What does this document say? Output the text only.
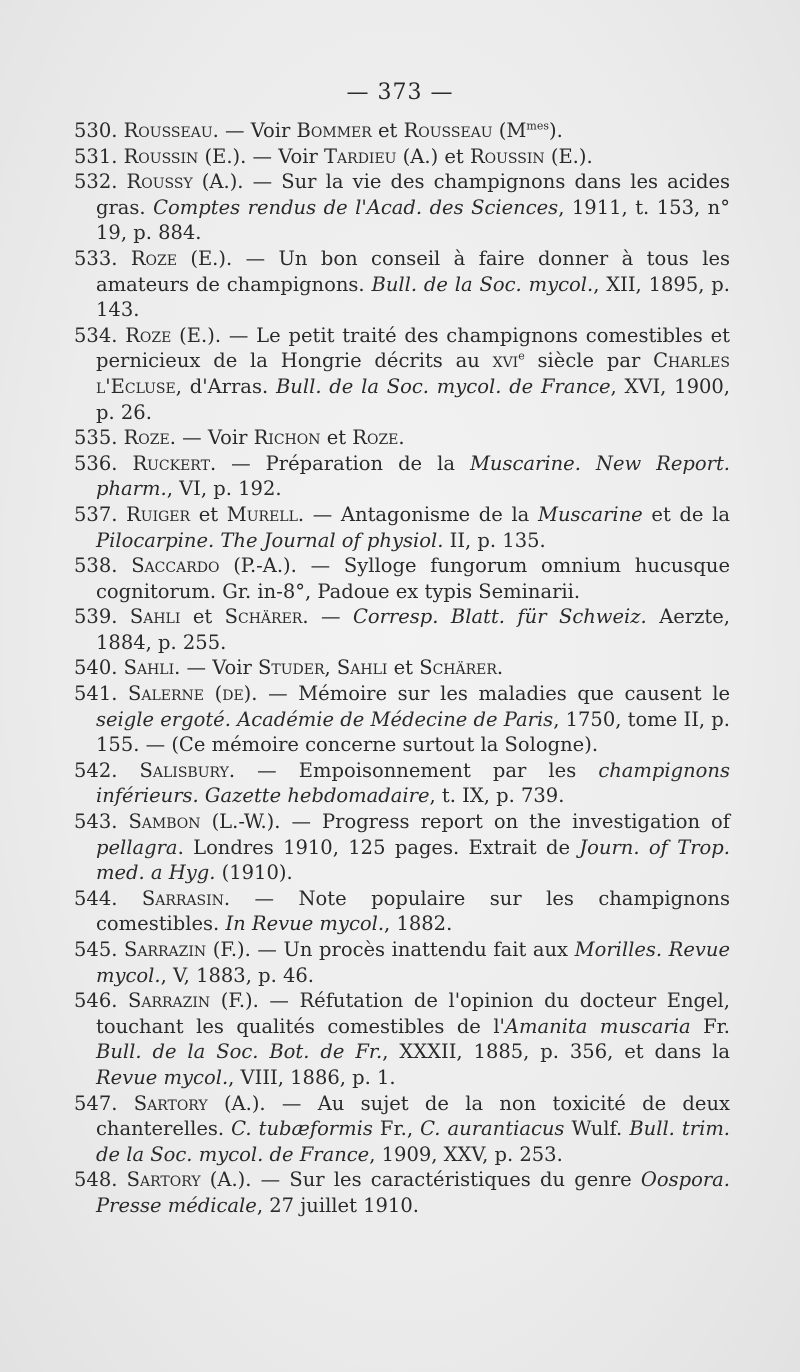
— 373 —

530. Rousseau. — Voir Bommer et Rousseau $(M^{mes})$.

531. Roussin (E.). — Voir Tardieu (A.) et Roussin (E.).

532. Roussy (A.). — Sur la vie des champignons dans les acides gras. Comptes rendus de l'Acad. des Sciences, 1911, t. 153, n° 19, p. 884.

533. Roze (E.). — Un bon conseil à faire donner à tous les amateurs de champignons. Bull. de la Soc. mycol., XII, 1895, p. 143.

534. Roze (E.). — Le petit traité des champignons comestibles et pernicieux de la Hongrie décrits au xvi$^e$ siècle par Charles l'Ecluse, d'Arras. Bull. de la Soc. mycol. de France, XVI, 1900, p. 26.

535. Roze. — Voir Richon et Roze.

536. Ruckert. — Préparation de la Muscarine. New Report. pharm., VI, p. 192.

537. Ruiger et Murell. — Antagonisme de la Muscarine et de la Pilocarpine. The Journal of physiol. II, p. 135.

538. Saccardo (P.-A.). — Sylloge fungorum omnium hucusque cognitorum. Gr. in-8°, Padoue ex typis Seminarii.

539. Sahli et Schärer. — Corresp. Blatt. für Schweiz. Aerzte, 1884, p. 255.

540. Sahli. — Voir Studer, Sahli et Schärer.

541. Salerne (de). — Mémoire sur les maladies que causent le seigle ergoté. Académie de Médecine de Paris, 1750, tome II, p. 155. — (Ce mémoire concerne surtout la Sologne).

542. Salisbury. — Empoisonnement par les champignons inférieurs. Gazette hebdomadaire, t. IX, p. 739.

543. Sambon (L.-W.). — Progress report on the investigation of pellagra. Londres 1910, 125 pages. Extrait de Journ. of Trop. med. a Hyg. (1910).

544. Sarrasin. — Note populaire sur les champignons comestibles. In Revue mycol., 1882.

545. Sarrazin (F.). — Un procès inattendu fait aux Morilles. Revue mycol., V, 1883, p. 46.

546. Sarrazin (F.). — Réfutation de l'opinion du docteur Engel, touchant les qualités comestibles de l'Amanita muscaria Fr. Bull. de la Soc. Bot. de Fr., XXXII, 1885, p. 356, et dans la Revue mycol., VIII, 1886, p. 1.

547. Sartory (A.). — Au sujet de la non toxicité de deux chanterelles. C. tubæformis Fr., C. aurantiacus Wulf. Bull. trim. de la Soc. mycol. de France, 1909, XXV, p. 253.

548. Sartory (A.). — Sur les caractéristiques du genre Oospora. Presse médicale, 27 juillet 1910.
